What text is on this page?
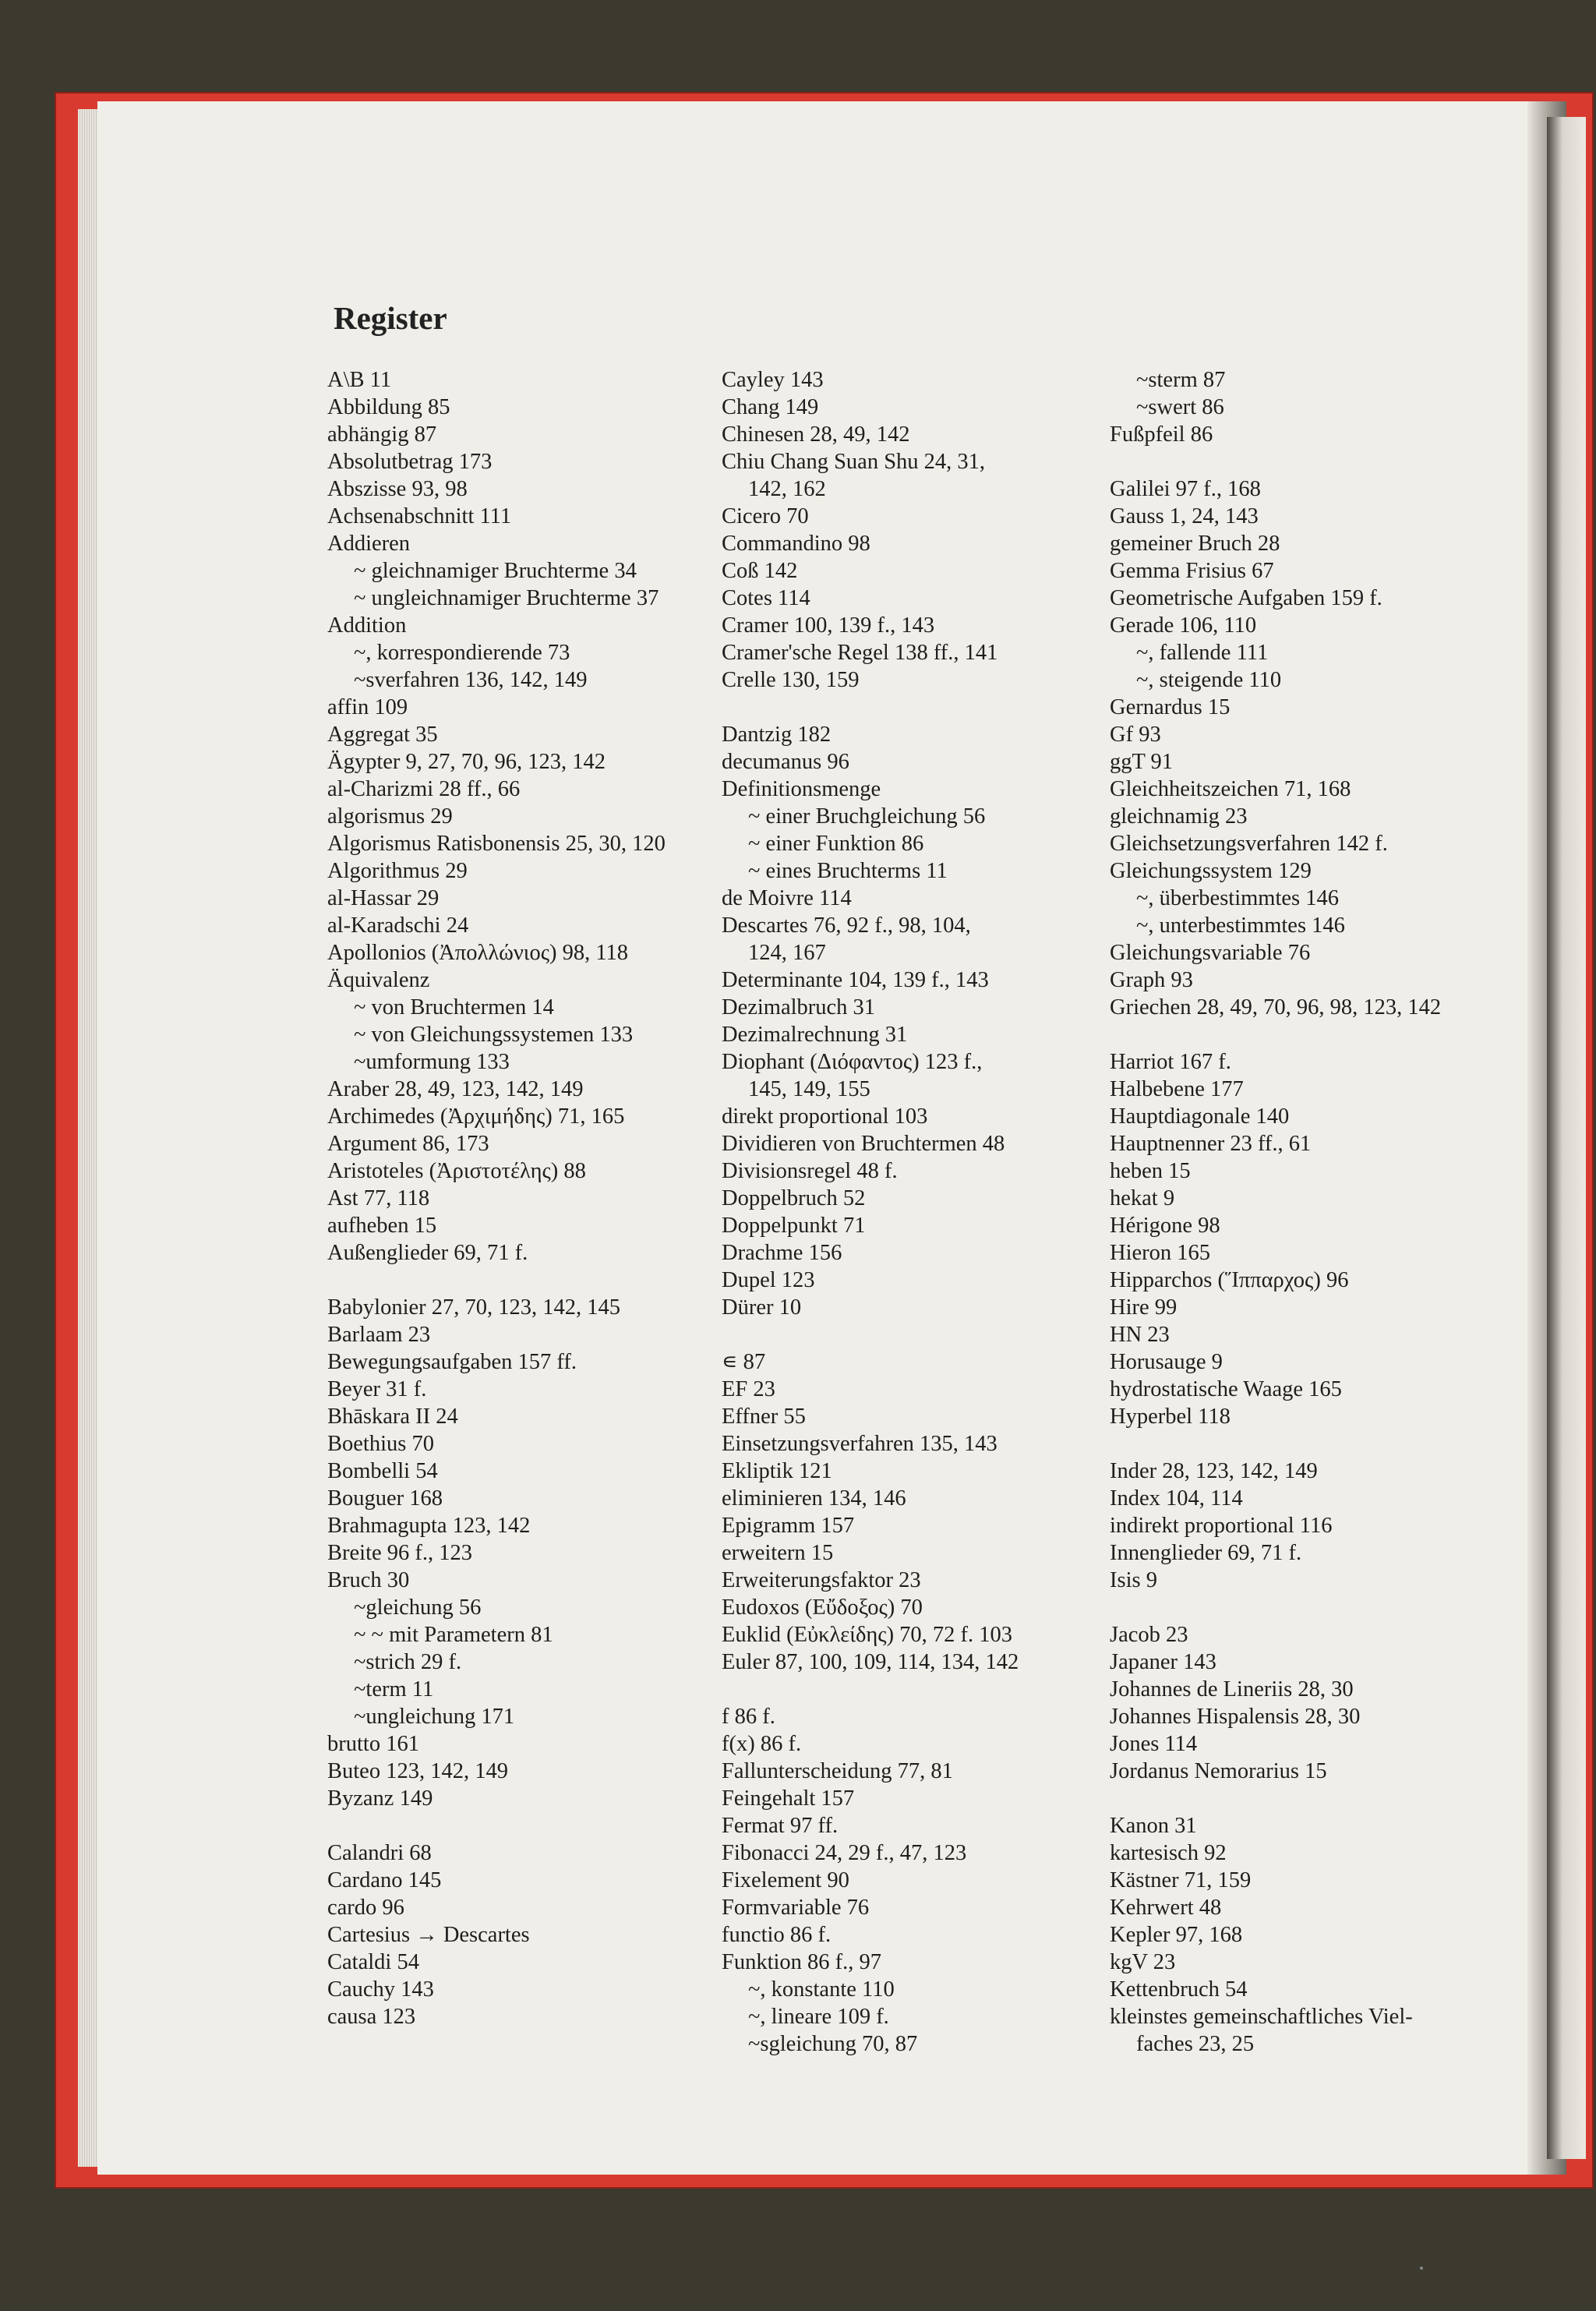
Register
A\B 11
Abbildung 85
abhängig 87
Absolutbetrag 173
Abszisse 93, 98
Achsenabschnitt 111
Addieren
~ gleichnamiger Bruchterme 34
~ ungleichnamiger Bruchterme 37
Addition
~, korrespondierende 73
~sverfahren 136, 142, 149
affin 109
Aggregat 35
Ägypter 9, 27, 70, 96, 123, 142
al-Charizmi 28 ff., 66
algorismus 29
Algorismus Ratisbonensis 25, 30, 120
Algorithmus 29
al-Hassar 29
al-Karadschi 24
Apollonios (Ἀπολλώνιος) 98, 118
Äquivalenz
~ von Bruchtermen 14
~ von Gleichungssystemen 133
~umformung 133
Araber 28, 49, 123, 142, 149
Archimedes (Ἀρχιμήδης) 71, 165
Argument 86, 173
Aristoteles (Ἀριστοτέλης) 88
Ast 77, 118
aufheben 15
Außenglieder 69, 71 f.
Babylonier 27, 70, 123, 142, 145
Barlaam 23
Bewegungsaufgaben 157 ff.
Beyer 31 f.
Bhāskara II 24
Boethius 70
Bombelli 54
Bouguer 168
Brahmagupta 123, 142
Breite 96 f., 123
Bruch 30
~gleichung 56
~ ~ mit Parametern 81
~strich 29 f.
~term 11
~ungleichung 171
brutto 161
Buteo 123, 142, 149
Byzanz 149
Calandri 68
Cardano 145
cardo 96
Cartesius → Descartes
Cataldi 54
Cauchy 143
causa 123
Cayley 143
Chang 149
Chinesen 28, 49, 142
Chiu Chang Suan Shu 24, 31,
142, 162
Cicero 70
Commandino 98
Coß 142
Cotes 114
Cramer 100, 139 f., 143
Cramer'sche Regel 138 ff., 141
Crelle 130, 159
Dantzig 182
decumanus 96
Definitionsmenge
~ einer Bruchgleichung 56
~ einer Funktion 86
~ eines Bruchterms 11
de Moivre 114
Descartes 76, 92 f., 98, 104,
124, 167
Determinante 104, 139 f., 143
Dezimalbruch 31
Dezimalrechnung 31
Diophant (Διόφαντος) 123 f.,
145, 149, 155
direkt proportional 103
Dividieren von Bruchtermen 48
Divisionsregel 48 f.
Doppelbruch 52
Doppelpunkt 71
Drachme 156
Dupel 123
Dürer 10
∊ 87
EF 23
Effner 55
Einsetzungsverfahren 135, 143
Ekliptik 121
eliminieren 134, 146
Epigramm 157
erweitern 15
Erweiterungsfaktor 23
Eudoxos (Εὔδοξος) 70
Euklid (Εὐκλείδης) 70, 72 f. 103
Euler 87, 100, 109, 114, 134, 142
f 86 f.
f(x) 86 f.
Fallunterscheidung 77, 81
Feingehalt 157
Fermat 97 ff.
Fibonacci 24, 29 f., 47, 123
Fixelement 90
Formvariable 76
functio 86 f.
Funktion 86 f., 97
~, konstante 110
~, lineare 109 f.
~sgleichung 70, 87
~sterm 87
~swert 86
Fußpfeil 86
Galilei 97 f., 168
Gauss 1, 24, 143
gemeiner Bruch 28
Gemma Frisius 67
Geometrische Aufgaben 159 f.
Gerade 106, 110
~, fallende 111
~, steigende 110
Gernardus 15
Gf 93
ggT 91
Gleichheitszeichen 71, 168
gleichnamig 23
Gleichsetzungsverfahren 142 f.
Gleichungssystem 129
~, überbestimmtes 146
~, unterbestimmtes 146
Gleichungsvariable 76
Graph 93
Griechen 28, 49, 70, 96, 98, 123, 142
Harriot 167 f.
Halbebene 177
Hauptdiagonale 140
Hauptnenner 23 ff., 61
heben 15
hekat 9
Hérigone 98
Hieron 165
Hipparchos (Ἵππαρχος) 96
Hire 99
HN 23
Horusauge 9
hydrostatische Waage 165
Hyperbel 118
Inder 28, 123, 142, 149
Index 104, 114
indirekt proportional 116
Innenglieder 69, 71 f.
Isis 9
Jacob 23
Japaner 143
Johannes de Lineriis 28, 30
Johannes Hispalensis 28, 30
Jones 114
Jordanus Nemorarius 15
Kanon 31
kartesisch 92
Kästner 71, 159
Kehrwert 48
Kepler 97, 168
kgV 23
Kettenbruch 54
kleinstes gemeinschaftliches Viel-
faches 23, 25
